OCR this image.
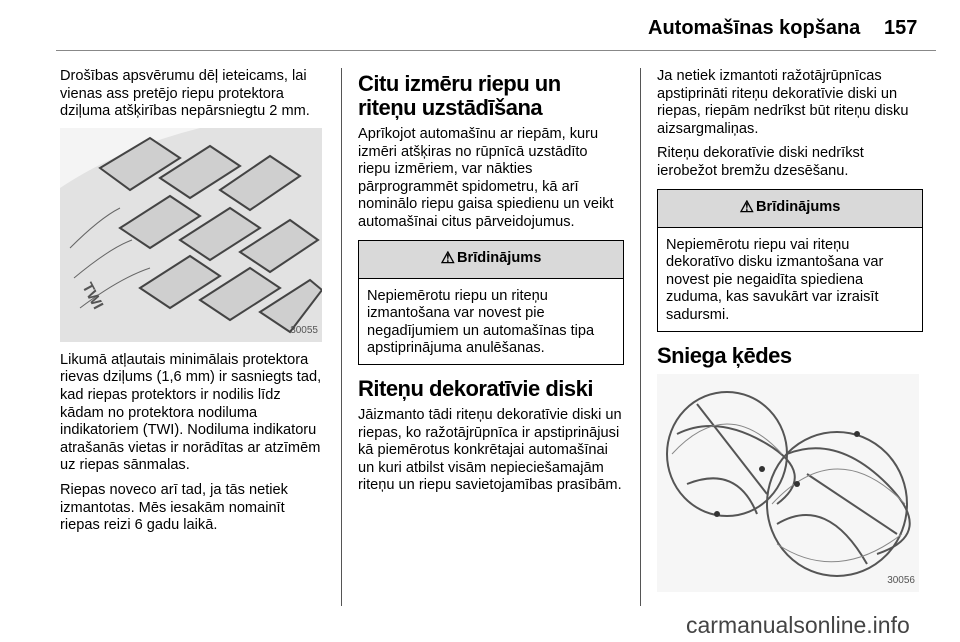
Automašīnas kopšana 157

Drošības apsvērumu dēļ ieteicams, lai vienas ass pretējo riepu protektora dziļuma atšķirības nepārsniegtu 2 mm.

TWI
30055

Likumā atļautais minimālais protektora rievas dziļums (1,6 mm) ir sasniegts tad, kad riepas protektors ir nodilis līdz kādam no protektora nodiluma indikatoriem (TWI). Nodiluma indikatoru atrašanās vietas ir norādītas ar atzīmēm uz riepas sānmalas.

Riepas noveco arī tad, ja tās netiek izmantotas. Mēs iesakām nomainīt riepas reizi 6 gadu laikā.

Citu izmēru riepu un riteņu uzstādīšana

Aprīkojot automašīnu ar riepām, kuru izmēri atšķiras no rūpnīcā uzstādīto riepu izmēriem, var nākties pārprogrammēt spidometru, kā arī nominālo riepu gaisa spiedienu un veikt automašīnai citus pārveidojumus.

⚠ Brīdinājums
Nepiemērotu riepu un riteņu izmantošana var novest pie negadījumiem un automašīnas tipa apstiprinājuma anulēšanas.
Riteņu dekoratīvie diski

Jāizmanto tādi riteņu dekoratīvie diski un riepas, ko ražotājrūpnīca ir apstiprinājusi kā piemērotus konkrētajai automašīnai un kuri atbilst visām nepieciešamajām riteņu un riepu savietojamības prasībām.

Ja netiek izmantoti ražotājrūpnīcas apstiprināti riteņu dekoratīvie diski un riepas, riepām nedrīkst būt riteņu disku aizsargmaliņas.

Riteņu dekoratīvie diski nedrīkst ierobežot bremžu dzesēšanu.

⚠ Brīdinājums
Nepiemērotu riepu vai riteņu dekoratīvo disku izmantošana var novest pie negaidīta spiediena zuduma, kas savukārt var izraisīt sadursmi.
Sniega ķēdes
30056
carmanualsonline.info
